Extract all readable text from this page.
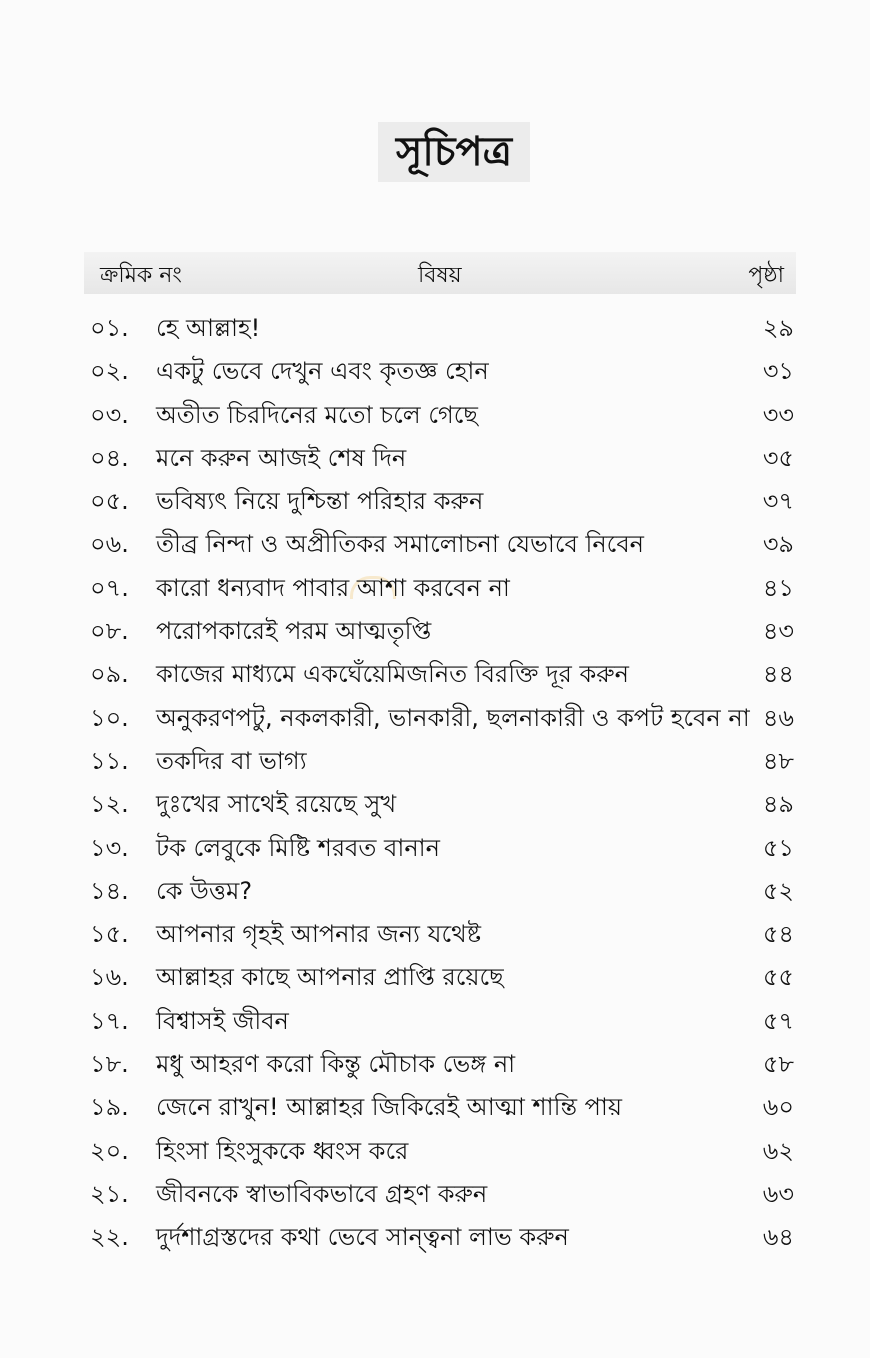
সূচিপত্র
ক্রমিক নং	বিষয়	পৃষ্ঠা
০১.	হে আল্লাহ!	২৯
০২.	একটু ভেবে দেখুন এবং কৃতজ্ঞ হোন	৩১
০৩.	অতীত চিরদিনের মতো চলে গেছে	৩৩
০৪.	মনে করুন আজই শেষ দিন	৩৫
০৫.	ভবিষ্যৎ নিয়ে দুশ্চিন্তা পরিহার করুন	৩৭
০৬.	তীব্র নিন্দা ও অপ্রীতিকর সমালোচনা যেভাবে নিবেন	৩৯
০৭.	কারো ধন্যবাদ পাবার আশা করবেন না	৪১
০৮.	পরোপকারেই পরম আত্মতৃপ্তি	৪৩
০৯.	কাজের মাধ্যমে একঘেঁয়েমিজনিত বিরক্তি দূর করুন	৪৪
১০.	অনুকরণপটু, নকলকারী, ভানকারী, ছলনাকারী ও কপট হবেন না ৪৬
১১.	তকদির বা ভাগ্য	৪৮
১২.	দুঃখের সাথেই রয়েছে সুখ	৪৯
১৩.	টক লেবুকে মিষ্টি শরবত বানান	৫১
১৪.	কে উত্তম?	৫২
১৫.	আপনার গৃহই আপনার জন্য যথেষ্ট	৫৪
১৬.	আল্লাহর কাছে আপনার প্রাপ্তি রয়েছে	৫৫
১৭.	বিশ্বাসই জীবন	৫৭
১৮.	মধু আহরণ করো কিন্তু মৌচাক ভেঙ্গ না	৫৮
১৯.	জেনে রাখুন! আল্লাহর জিকিরেই আত্মা শান্তি পায়	৬০
২০.	হিংসা হিংসুককে ধ্বংস করে	৬২
২১.	জীবনকে স্বাভাবিকভাবে গ্রহণ করুন	৬৩
২২.	দুর্দশাগ্রস্তদের কথা ভেবে সান্ত্বনা লাভ করুন	৬৪
